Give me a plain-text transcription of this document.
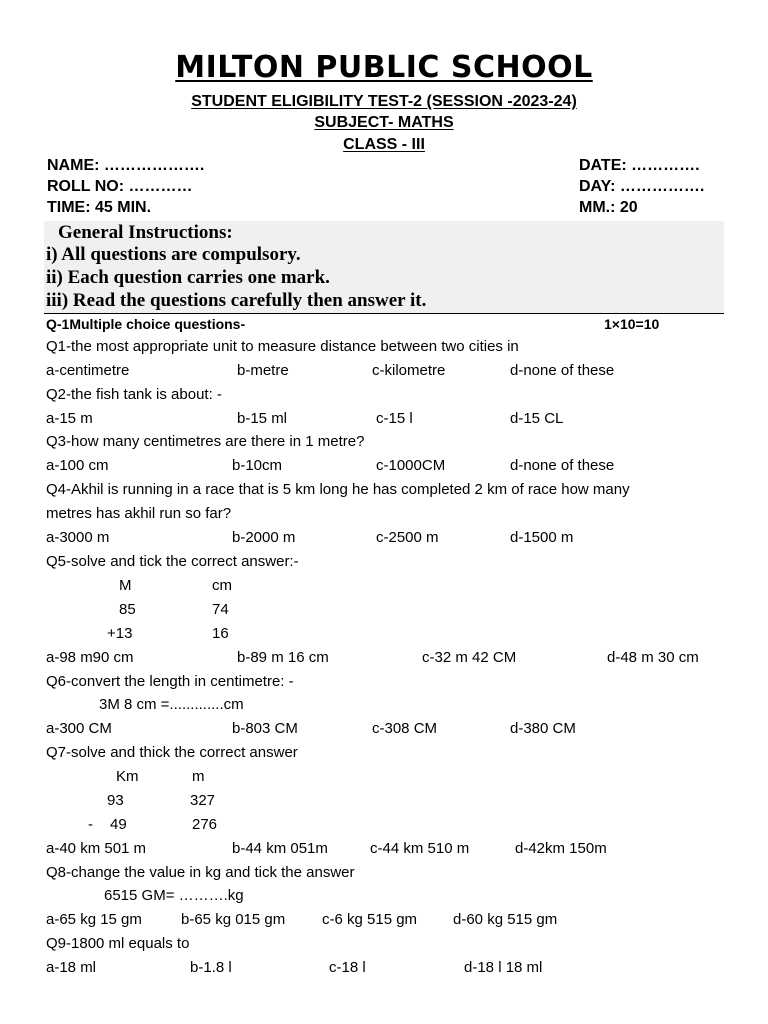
MILTON PUBLIC SCHOOL
STUDENT ELIGIBILITY TEST-2 (SESSION -2023-24)
SUBJECT- MATHS
CLASS - III
NAME: ……………….	DATE: ………….
ROLL NO: …………	DAY: …………….
TIME: 45 MIN.	MM.: 20
General Instructions:
i) All questions are compulsory.
ii) Each question carries one mark.
iii) Read the questions carefully then answer it.
Q-1Multiple choice questions-	1×10=10
Q1-the most appropriate unit to measure distance between two cities in
a-centimetre	b-metre	c-kilometre	d-none of these
Q2-the fish tank is about: -
a-15 m	b-15 ml	c-15 l	d-15 CL
Q3-how many centimetres are there in 1 metre?
a-100 cm	b-10cm	c-1000CM	d-none of these
Q4-Akhil is running in a race that is 5 km long he has completed 2 km of race how many
metres has akhil run so far?
a-3000 m	b-2000 m	c-2500 m	d-1500 m
Q5-solve and tick the correct answer:-
M	cm
85	74
+13	16
a-98 m90 cm	b-89 m 16 cm	c-32 m 42 CM	d-48 m 30 cm
Q6-convert the length in centimetre: -
3M 8 cm =.............cm
a-300 CM	b-803 CM	c-308 CM	d-380 CM
Q7-solve and thick the correct answer
Km	m
93	327
- 49	276
a-40 km 501 m	b-44 km 051m	c-44 km 510 m	d-42km 150m
Q8-change the value in kg and tick the answer
6515 GM= ……….kg
a-65 kg 15 gm	b-65 kg 015 gm c-6 kg 515 gm d-60 kg 515 gm
Q9-1800 ml equals to
a-18 ml	b-1.8 l	c-18 l	d-18 l 18 ml
